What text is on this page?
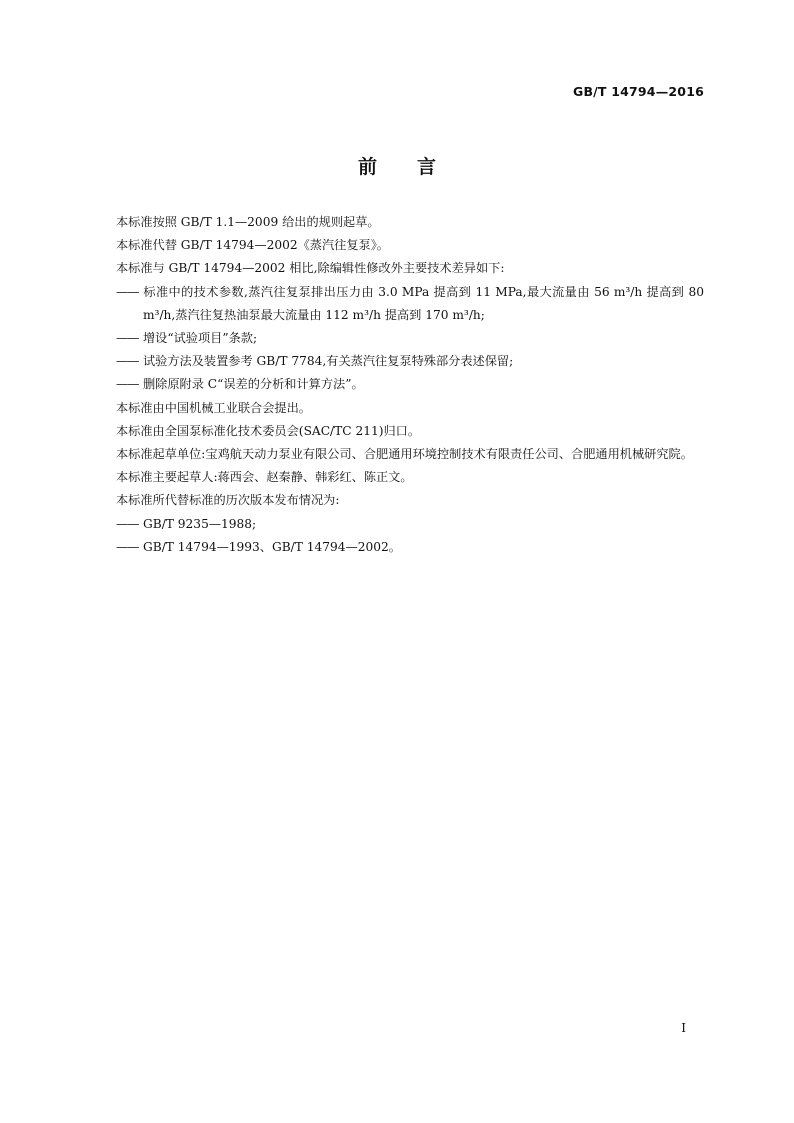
GB/T 14794—2016
前 言

本标准按照 GB/T 1.1—2009 给出的规则起草。

本标准代替 GB/T 14794—2002《蒸汽往复泵》。

本标准与 GB/T 14794—2002 相比,除编辑性修改外主要技术差异如下:

—— 标准中的技术参数,蒸汽往复泵排出压力由 3.0 MPa 提高到 11 MPa,最大流量由 56 m³/h 提高到 80 m³/h,蒸汽往复热油泵最大流量由 112 m³/h 提高到 170 m³/h;

—— 增设“试验项目”条款;

—— 试验方法及装置参考 GB/T 7784,有关蒸汽往复泵特殊部分表述保留;

—— 删除原附录 C“误差的分析和计算方法”。

本标准由中国机械工业联合会提出。

本标准由全国泵标准化技术委员会(SAC/TC 211)归口。

本标准起草单位:宝鸡航天动力泵业有限公司、合肥通用环境控制技术有限责任公司、合肥通用机械研究院。

本标准主要起草人:蒋西会、赵秦静、韩彩红、陈正文。

本标准所代替标准的历次版本发布情况为:

—— GB/T 9235—1988;

—— GB/T 14794—1993、GB/T 14794—2002。

I
